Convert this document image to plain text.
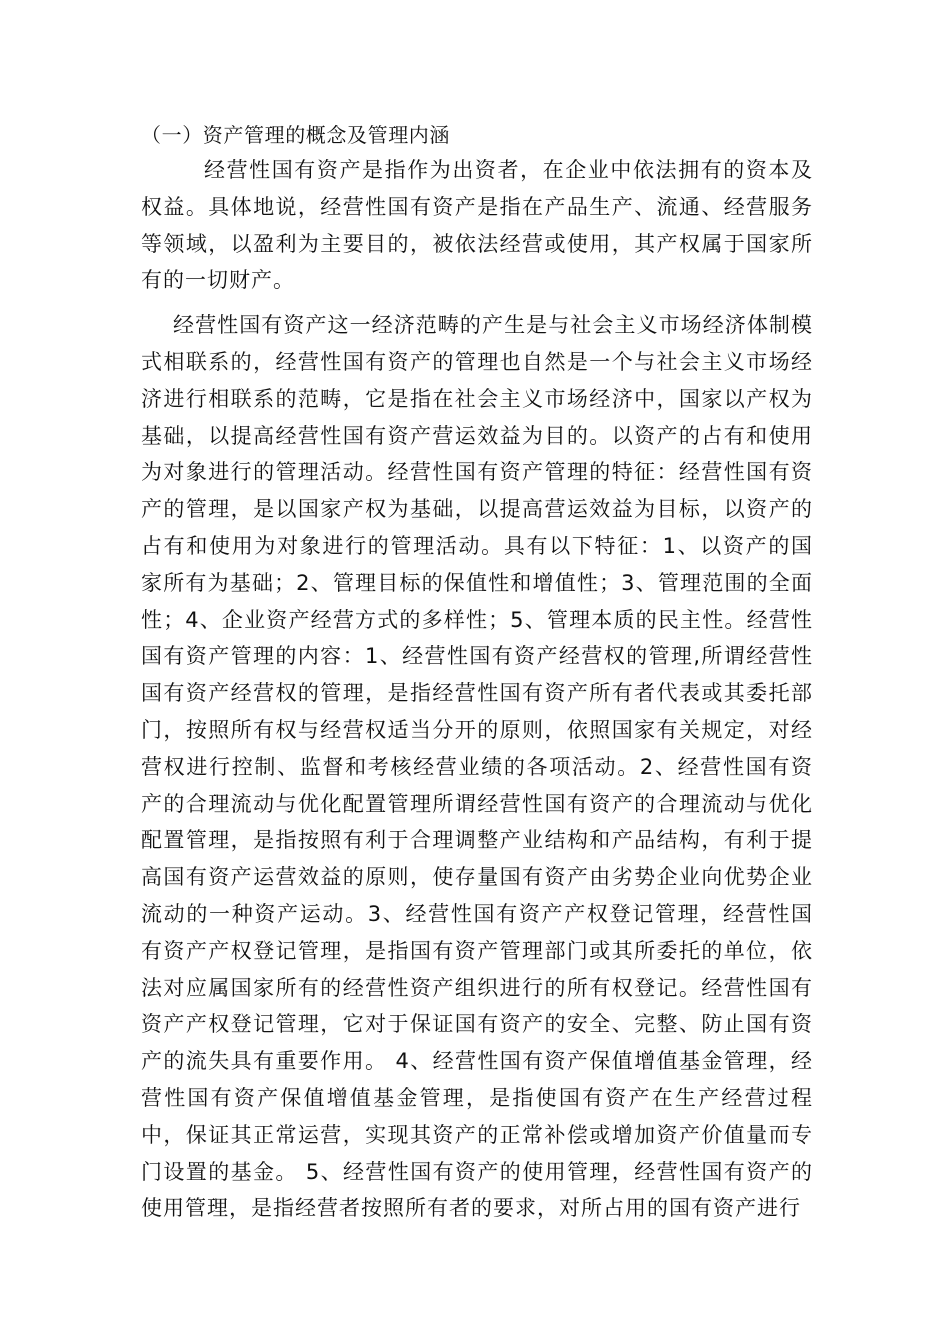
（一）资产管理的概念及管理内涵

经营性国有资产是指作为出资者，在企业中依法拥有的资本及权益。具体地说，经营性国有资产是指在产品生产、流通、经营服务等领域，以盈利为主要目的，被依法经营或使用，其产权属于国家所有的一切财产。

经营性国有资产这一经济范畴的产生是与社会主义市场经济体制模式相联系的，经营性国有资产的管理也自然是一个与社会主义市场经济进行相联系的范畴，它是指在社会主义市场经济中，国家以产权为基础，以提高经营性国有资产营运效益为目的。以资产的占有和使用为对象进行的管理活动。经营性国有资产管理的特征：经营性国有资产的管理，是以国家产权为基础，以提高营运效益为目标，以资产的占有和使用为对象进行的管理活动。具有以下特征：1、以资产的国家所有为基础；2、管理目标的保值性和增值性；3、管理范围的全面性；4、企业资产经营方式的多样性；5、管理本质的民主性。经营性国有资产管理的内容：1、经营性国有资产经营权的管理,所谓经营性国有资产经营权的管理，是指经营性国有资产所有者代表或其委托部门，按照所有权与经营权适当分开的原则，依照国家有关规定，对经营权进行控制、监督和考核经营业绩的各项活动。2、经营性国有资产的合理流动与优化配置管理所谓经营性国有资产的合理流动与优化配置管理，是指按照有利于合理调整产业结构和产品结构，有利于提高国有资产运营效益的原则，使存量国有资产由劣势企业向优势企业流动的一种资产运动。3、经营性国有资产产权登记管理，经营性国有资产产权登记管理，是指国有资产管理部门或其所委托的单位，依法对应属国家所有的经营性资产组织进行的所有权登记。经营性国有资产产权登记管理，它对于保证国有资产的安全、完整、防止国有资产的流失具有重要作用。 4、经营性国有资产保值增值基金管理，经营性国有资产保值增值基金管理，是指使国有资产在生产经营过程中，保证其正常运营，实现其资产的正常补偿或增加资产价值量而专门设置的基金。 5、经营性国有资产的使用管理，经营性国有资产的使用管理，是指经营者按照所有者的要求，对所占用的国有资产进行
